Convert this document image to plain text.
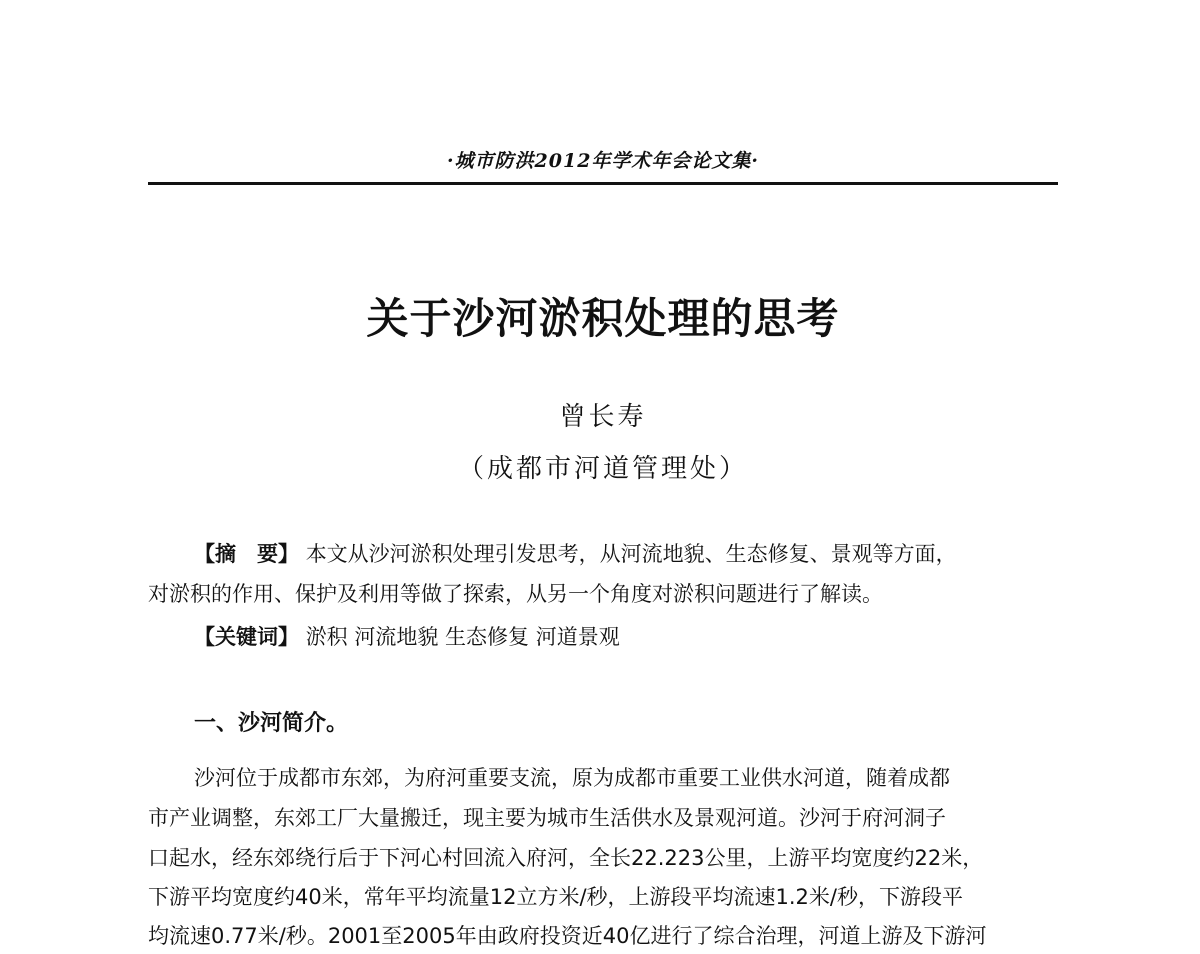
·城市防洪2012年学术年会论文集·
关于沙河淤积处理的思考
曾长寿
（成都市河道管理处）
【摘　要】 本文从沙河淤积处理引发思考，从河流地貌、生态修复、景观等方面，
对淤积的作用、保护及利用等做了探索，从另一个角度对淤积问题进行了解读。
【关键词】 淤积 河流地貌 生态修复 河道景观
一、沙河简介。
沙河位于成都市东郊，为府河重要支流，原为成都市重要工业供水河道，随着成都
市产业调整，东郊工厂大量搬迁，现主要为城市生活供水及景观河道。沙河于府河洞子
口起水，经东郊绕行后于下河心村回流入府河，全长22.223公里，上游平均宽度约22米，
下游平均宽度约40米，常年平均流量12立方米/秒，上游段平均流速1.2米/秒，下游段平
均流速0.77米/秒。2001至2005年由政府投资近40亿进行了综合治理，河道上游及下游河
